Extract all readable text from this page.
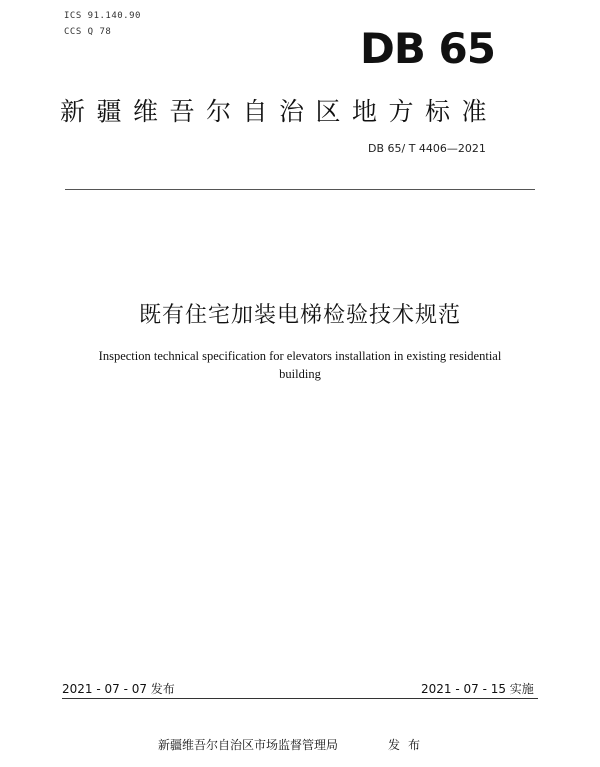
ICS 91.140.90
CCS Q 78	DB 65
新疆维吾尔自治区地方标准
DB 65/ T 4406—2021
既有住宅加装电梯检验技术规范
Inspection technical specification for elevators installation in existing residential
building
2021 - 07 - 07 发布	2021 - 07 - 15 实施
新疆维吾尔自治区市场监督管理局	发布
